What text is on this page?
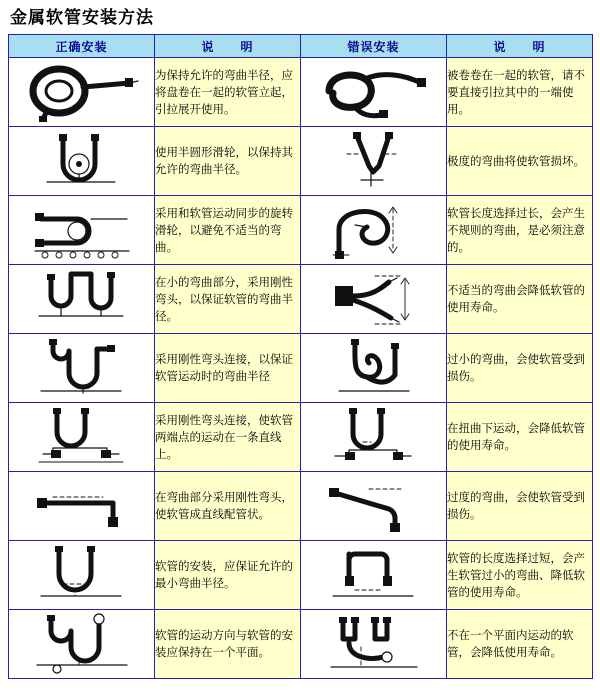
金属软管安装方法
正确安装	说　　明	错误安装	说　　明

	为保持允许的弯曲半径，应将盘卷在一起的软管立起，引拉展开使用。		被卷卷在一起的软管，请不要直接引拉其中的一端使用。

	使用半圆形滑轮，以保持其允许的弯曲半径。		极度的弯曲将使软管损坏。

	采用和软管运动同步的旋转滑轮，以避免不适当的弯曲。		软管长度选择过长，会产生不规则的弯曲，是必须注意的。

	在小的弯曲部分，采用刚性弯头，以保证软管的弯曲半径。		不适当的弯曲会降低软管的使用寿命。

	采用刚性弯头连接，以保证软管运动时的弯曲半径		过小的弯曲，会使软管受到损伤。

	采用刚性弯头连接，使软管两端点的运动在一条直线上。		在扭曲下运动，会降低软管的使用寿命。

	在弯曲部分采用刚性弯头，使软管成直线配管状。		过度的弯曲，会使软管受到损伤。

	软管的安装，应保证允许的最小弯曲半径。		软管的长度选择过短，会产生软管过小的弯曲、降低软管的使用寿命。

	软管的运动方向与软管的安装应保持在一个平面。		不在一个平面内运动的软管，会降低使用寿命。
